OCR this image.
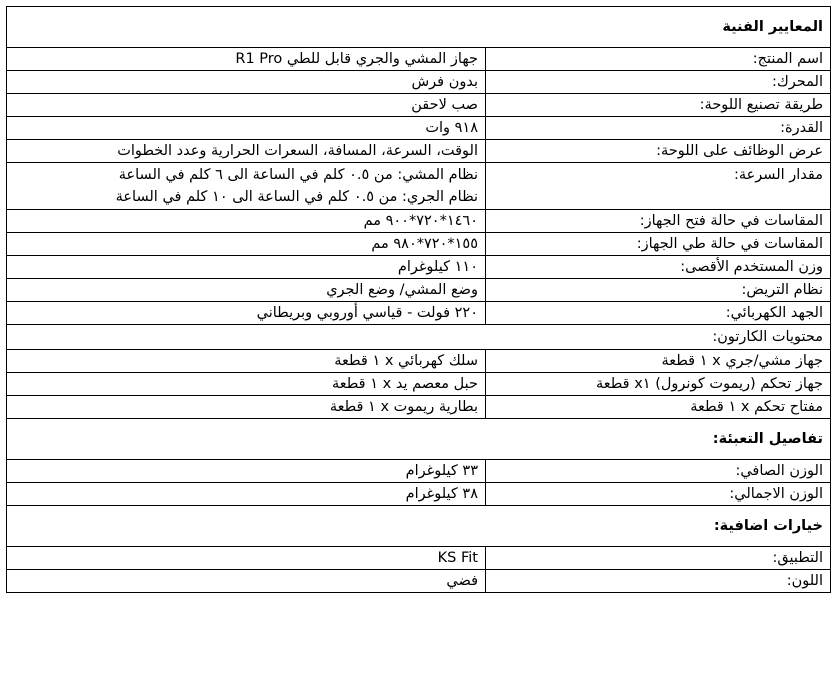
المعايير الفنية	
اسم المنتج:	جهاز المشي والجري قابل للطي R1 Pro
المحرك:	بدون فرش
طريقة تصنيع اللوحة:	صب لاحقن
القدرة:	٩١٨ وات
عرض الوظائف على اللوحة:	الوقت، السرعة، المسافة، السعرات الحرارية وعدد الخطوات
مقدار السرعة:	نظام المشي: من ٠.٥ كلم في الساعة الى ٦ كلم في الساعة
نظام الجري: من ٠.٥ كلم في الساعة الى ١٠ كلم في الساعة

المقاسات في حالة فتح الجهاز:	١٤٦٠*٧٢٠*٩٠٠ مم
المقاسات في حالة طي الجهاز:	١٥٥*٧٢٠*٩٨٠ مم
وزن المستخدم الأقصى:	١١٠ كيلوغرام
نظام التريض:	وضع المشي/ وضع الجري
الجهد الكهربائي:	٢٢٠ فولت - قياسي أوروبي وبريطاني
محتويات الكارتون:	
جهاز مشي/جري x ١ قطعة	سلك كهربائي x ١ قطعة
جهاز تحكم (ريموت كونرول) x١ قطعة	حبل معصم يد x ١ قطعة
مفتاح تحكم x ١ قطعة	بطارية ريموت x ١ قطعة
تفاصيل التعبئة:	
الوزن الصافي:	٣٣ كيلوغرام
الوزن الاجمالي:	٣٨ كيلوغرام
خيارات اضافية:	
التطبيق:	KS Fit
اللون:	فضي
